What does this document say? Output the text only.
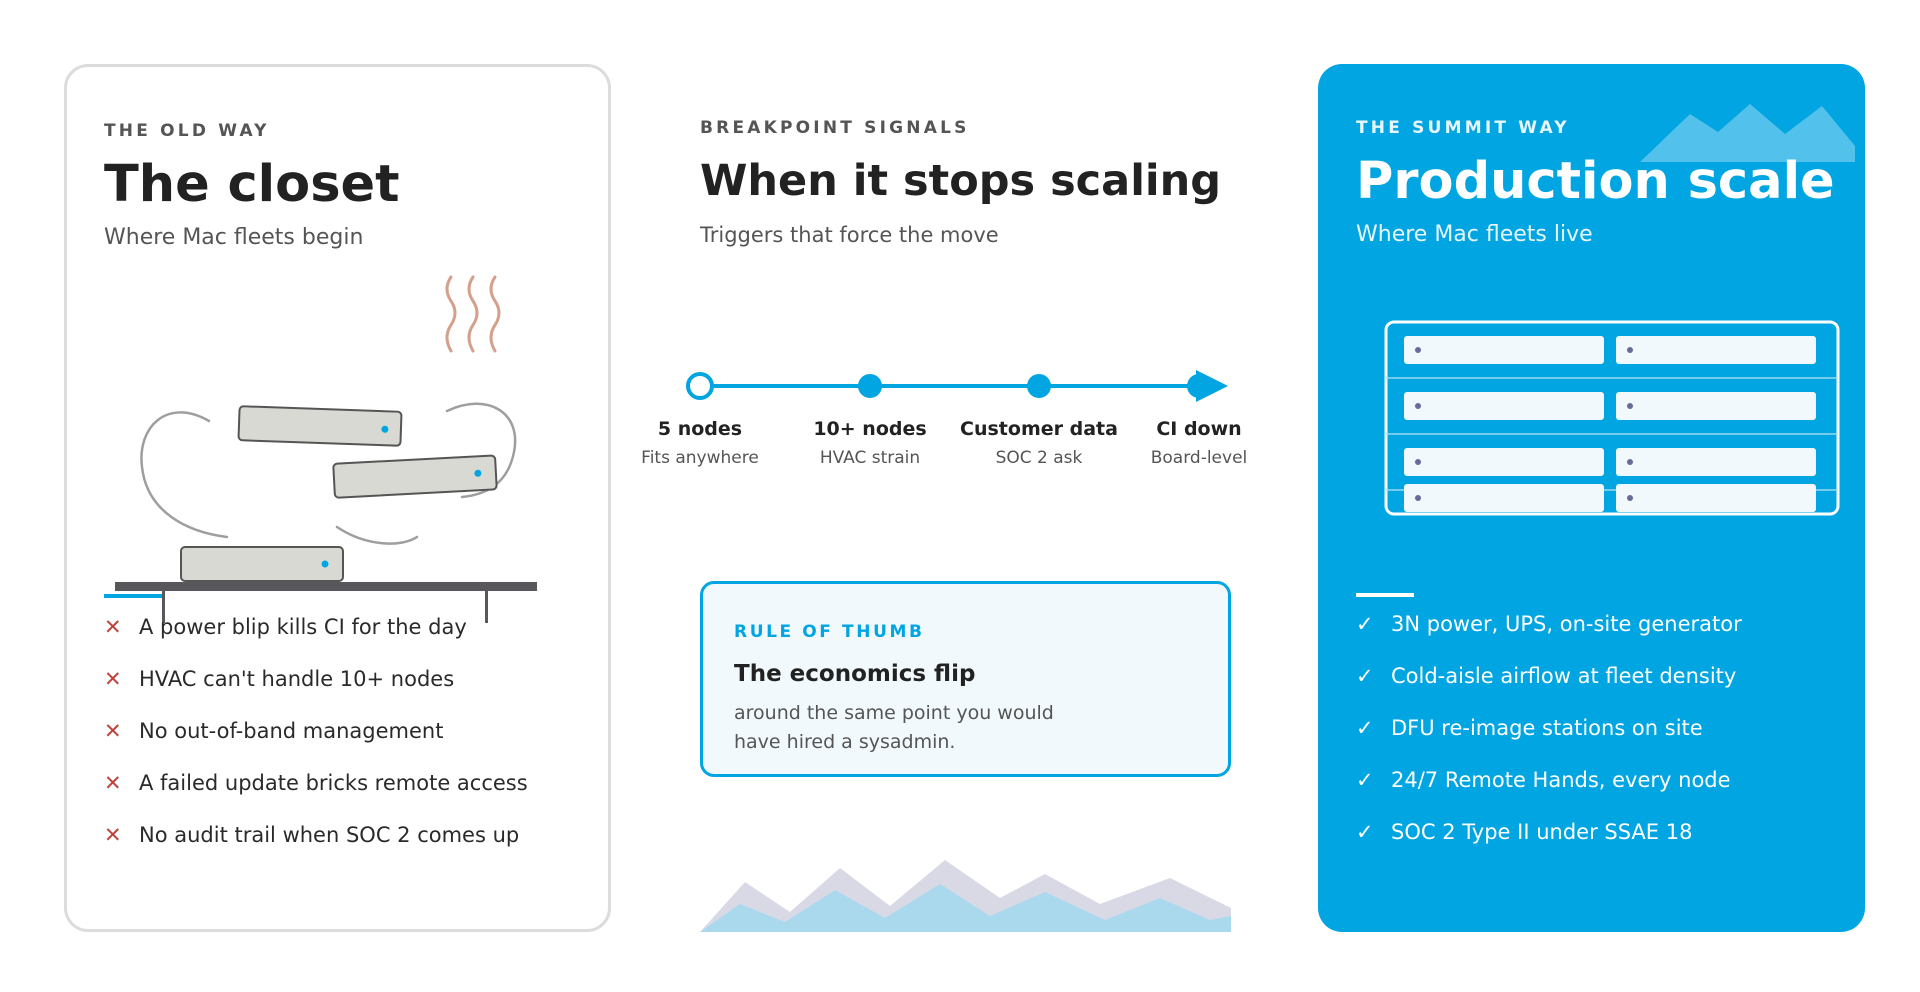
THE OLD WAY
The closet
Where Mac fleets begin
✕ A power blip kills CI for the day
✕ HVAC can't handle 10+ nodes
✕ No out-of-band management
✕ A failed update bricks remote access
✕ No audit trail when SOC 2 comes up
BREAKPOINT SIGNALS
When it stops scaling
Triggers that force the move
5 nodes
Fits anywhere
10+ nodes
HVAC strain
Customer data
SOC 2 ask
CI down
Board-level
RULE OF THUMB
The economics flip
around the same point you would have hired a sysadmin.
THE SUMMIT WAY
Production scale
Where Mac fleets live
✓ 3N power, UPS, on-site generator
✓ Cold-aisle airflow at fleet density
✓ DFU re-image stations on site
✓ 24/7 Remote Hands, every node
✓ SOC 2 Type II under SSAE 18
